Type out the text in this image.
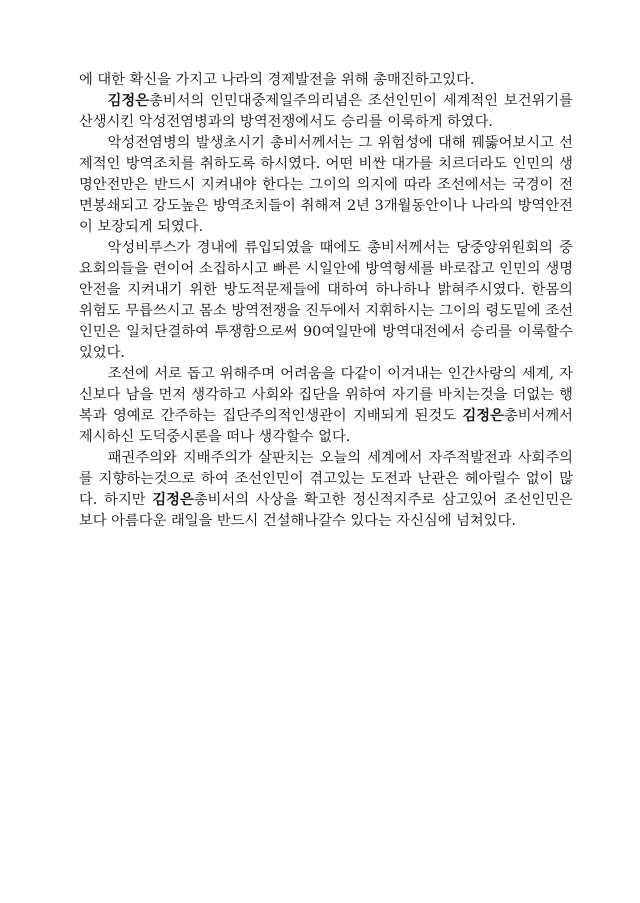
에 대한 확신을 가지고 나라의 경제발전을 위해 총매진하고있다.

김정은총비서의 인민대중제일주의리념은 조선인민이 세계적인 보건위기를 산생시킨 악성전염병과의 방역전쟁에서도 승리를 이룩하게 하였다.

악성전염병의 발생초시기 총비서께서는 그 위험성에 대해 꿰뚫어보시고 선제적인 방역조치를 취하도록 하시였다. 어떤 비싼 대가를 치르더라도 인민의 생명안전만은 반드시 지켜내야 한다는 그이의 의지에 따라 조선에서는 국경이 전면봉쇄되고 강도높은 방역조치들이 취해져 2년 3개월동안이나 나라의 방역안전이 보장되게 되였다.

악성비루스가 경내에 류입되였을 때에도 총비서께서는 당중앙위원회의 중요회의들을 련이어 소집하시고 빠른 시일안에 방역형세를 바로잡고 인민의 생명안전을 지켜내기 위한 방도적문제들에 대하여 하나하나 밝혀주시였다. 한몸의 위험도 무릅쓰시고 몸소 방역전쟁을 진두에서 지휘하시는 그이의 령도밑에 조선인민은 일치단결하여 투쟁함으로써 90여일만에 방역대전에서 승리를 이룩할수 있었다.

조선에 서로 돕고 위해주며 어려움을 다같이 이겨내는 인간사랑의 세계, 자신보다 남을 먼저 생각하고 사회와 집단을 위하여 자기를 바치는것을 더없는 행복과 영예로 간주하는 집단주의적인생관이 지배되게 된것도 김정은총비서께서 제시하신 도덕중시론을 떠나 생각할수 없다.

패권주의와 지배주의가 살판치는 오늘의 세계에서 자주적발전과 사회주의를 지향하는것으로 하여 조선인민이 겪고있는 도전과 난관은 헤아릴수 없이 많다. 하지만 김정은총비서의 사상을 확고한 정신적지주로 삼고있어 조선인민은 보다 아름다운 래일을 반드시 건설해나갈수 있다는 자신심에 넘쳐있다.
